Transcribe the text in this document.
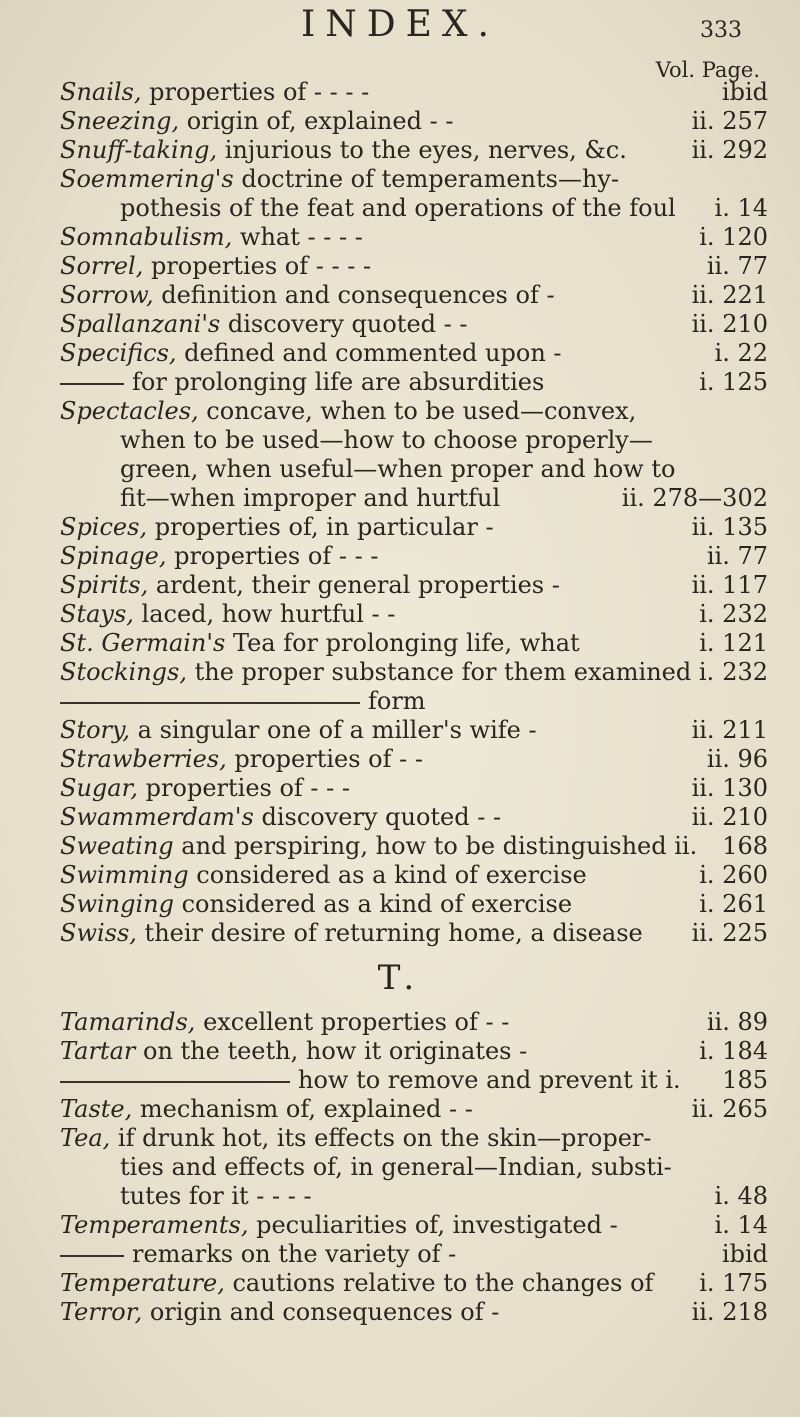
INDEX.	333
Vol. Page.
Snails, properties of - - - -	ibid
Sneezing, origin of, explained - -	ii. 257
Snuff-taking, injurious to the eyes, nerves, &c.	ii. 292
Soemmering's doctrine of temperaments—hy-
pothesis of the feat and operations of the foul i. 14
Somnabulism, what - - - -	i. 120
Sorrel, properties of - - - -	ii. 77
Sorrow, definition and consequences of -	ii. 221
Spallanzani's discovery quoted - -	ii. 210
Specifics, defined and commented upon -	i. 22
for prolonging life are absurdities	i. 125
Spectacles, concave, when to be used—convex,
when to be used—how to choose properly—
green, when useful—when proper and how to
fit—when improper and hurtful	ii. 278—302
Spices, properties of, in particular -	ii. 135
Spinage, properties of - - -	ii. 77
Spirits, ardent, their general properties -	ii. 117
Stays, laced, how hurtful - -	i. 232
St. Germain's Tea for prolonging life, what	i. 121
Stockings, the proper substance for them examined i. 232
form
Story, a singular one of a miller's wife -	ii. 211
Strawberries, properties of - -	ii. 96
Sugar, properties of - - -	ii. 130
Swammerdam's discovery quoted - -	ii. 210
Sweating and perspiring, how to be distinguished ii. 168
Swimming considered as a kind of exercise	i. 260
Swinging considered as a kind of exercise	i. 261
Swiss, their desire of returning home, a disease ii. 225
T.
Tamarinds, excellent properties of - -	ii. 89
Tartar on the teeth, how it originates -	i. 184
how to remove and prevent it i. 185
Taste, mechanism of, explained - -	ii. 265
Tea, if drunk hot, its effects on the skin—proper-
ties and effects of, in general—Indian, substi-
tutes for it - - - -	i. 48
Temperaments, peculiarities of, investigated -	i. 14
remarks on the variety of -	ibid
Temperature, cautions relative to the changes of i. 175
Terror, origin and consequences of -	ii. 218
